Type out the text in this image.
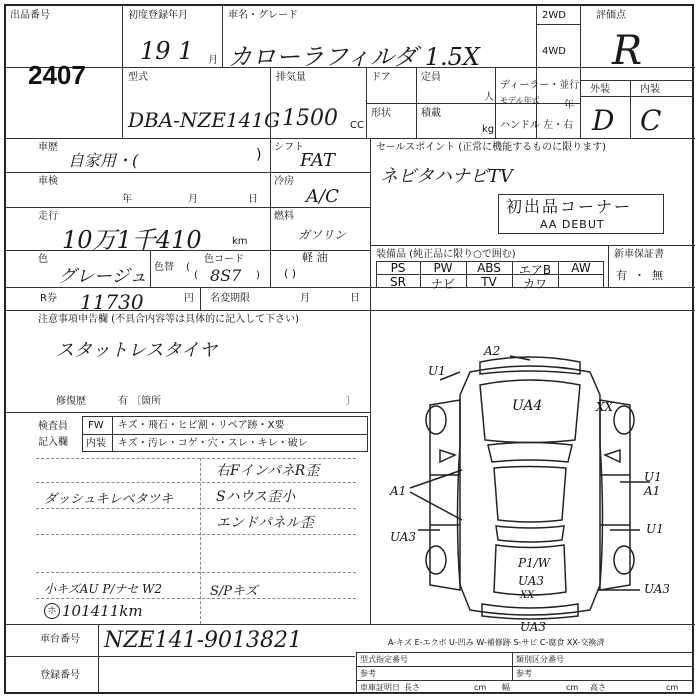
出品番号
2407
初度登録年月
19 1 月
車名・グレード
カローラフィルダ 1.5X
2WD
4WD
評価点
R
型式
DBA-NZE141G
排気量
1500 CC
ドア	定員
人
形状	積載
kg
ディーラー・並行
モデル年式 年
ハンドル 左・右
外装	内装
D C
車歴
自家用・(	) シフト
FAT
セールスポイント (正常に機能するものに限ります)
ネビタハナビTV
車検
年	月	日
冷房
A/C	初出品コーナー
AA DEBUT
走行
10万1千410	km
燃料
ガソリン
軽 油
( )
色
グレージュ 色替 (
色コード
( 8S7 )
装備品 (純正品に限り○で囲む)	新車保証書
有 ・ 無
PS	PW	ABS	エアB	AW
SR	ナビ	TV	カワ
R券 11730	円 名変期限	月	日
注意事項申告欄 (不具合内容等は具体的に記入して下さい)
スタットレスタイヤ
修復歴	有 〔箇所	〕
検査員
記入欄
FW キズ・飛石・ヒビ割・リペア跡・X要
内装 キズ・汚レ・コゲ・穴・スレ・キレ・破レ
右FインパネR歪
ダッシュキレベタツキ	Sハウス歪小
エンドパネル歪
小キズAU P/ナセ W2	S/Pキズ
ホ 101411km
車台番号 NZE141-9013821
登録番号
A-キズ E-エクボ U-凹み W-補修跡 S-サビ C-腐食 XX-交換済
型式指定番号	類別区分番号
参考	参考
車庫証明日 長さ	cm 幅	cm 高さ	cm
U1
A2
UA4	XX
U1
A1
A1
UA3
P1/W
UA3
XX
U1
UA3
UA3
